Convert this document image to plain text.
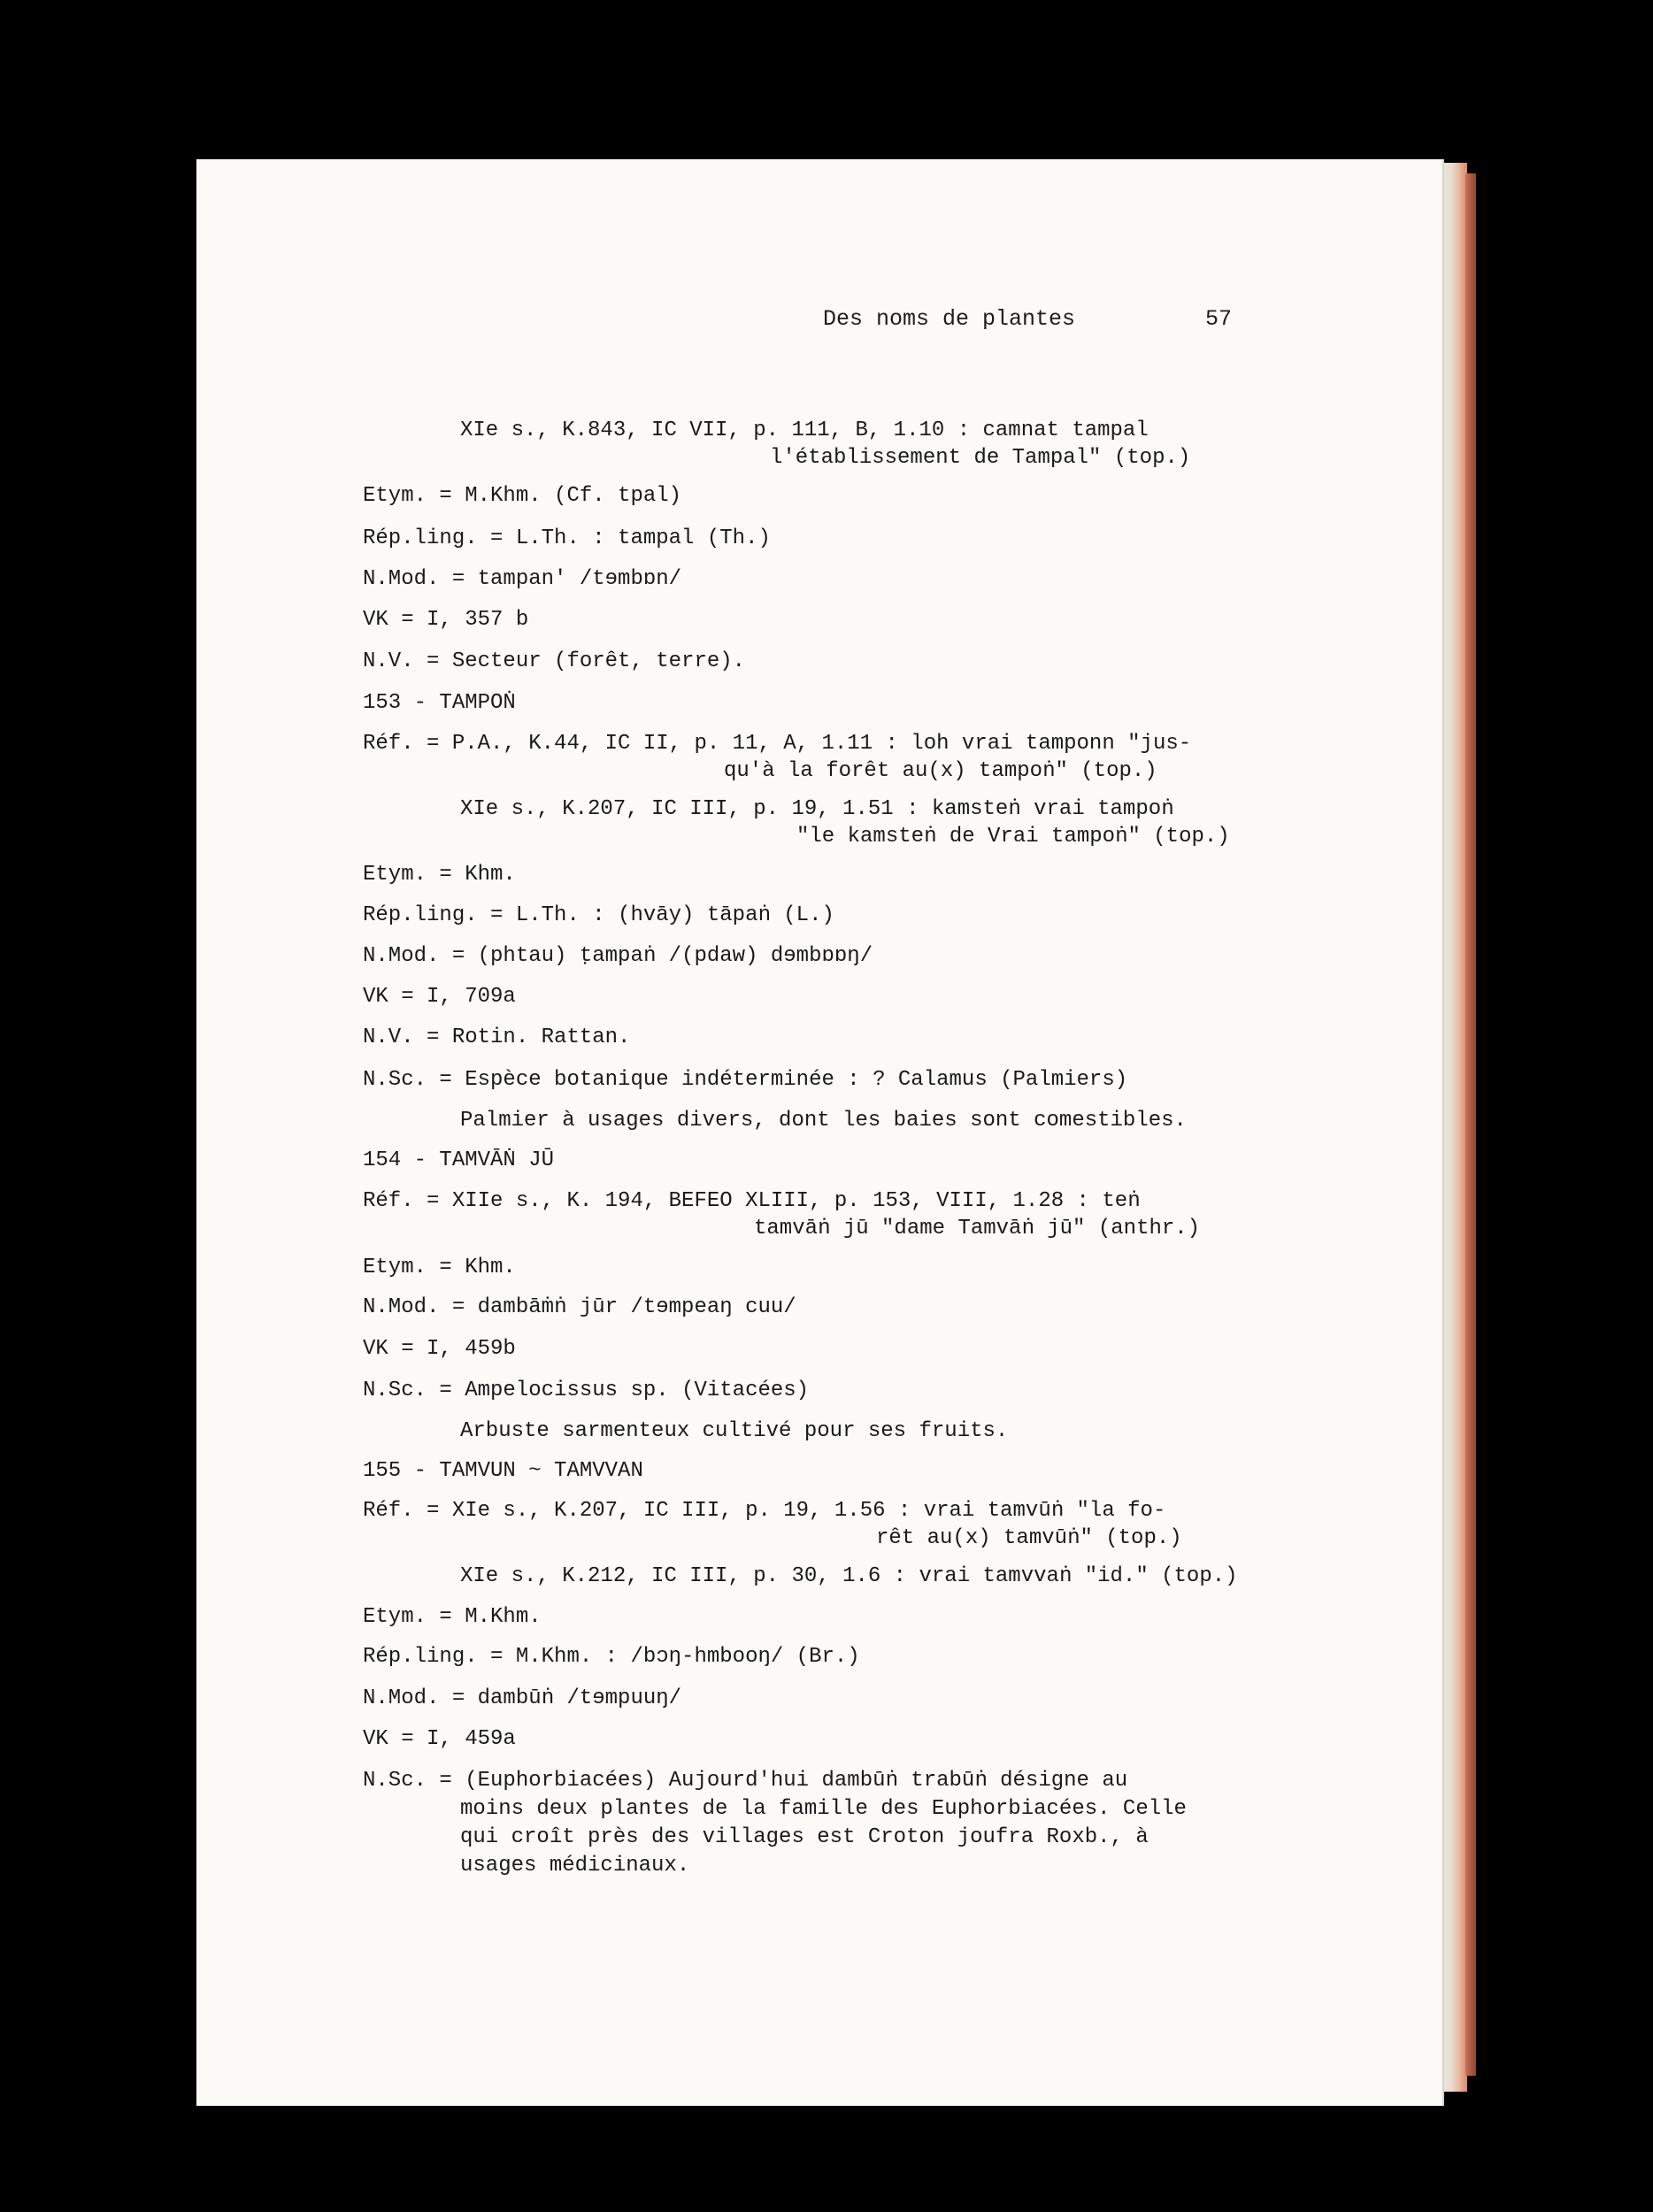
Des noms de plantes	57
XIe s., K.843, IC VII, p. 111, B, 1.10 : camnat tampal
l'établissement de Tampal" (top.)
Etym. = M.Khm. (Cf. tpal)
Rép.ling. = L.Th. : tampal (Th.)
N.Mod. = tampan' /tɘmbɒn/
VK = I, 357 b
N.V. = Secteur (forêt, terre).
153 - TAMPOṄ
Réf. = P.A., K.44, IC II, p. 11, A, 1.11 : loh vrai tamponn "jus-
qu'à la forêt au(x) tampoṅ" (top.)
XIe s., K.207, IC III, p. 19, 1.51 : kamsteṅ vrai tampoṅ
"le kamsteṅ de Vrai tampoṅ" (top.)
Etym. = Khm.
Rép.ling. = L.Th. : (hvāy) tāpaṅ (L.)
N.Mod. = (phtau) ṭampaṅ /(pdaw) dɘmbɒɒŋ/
VK = I, 709a
N.V. = Rotin. Rattan.
N.Sc. = Espèce botanique indéterminée : ? Calamus (Palmiers)
Palmier à usages divers, dont les baies sont comestibles.
154 - TAMVĀṄ JŪ
Réf. = XIIe s., K. 194, BEFEO XLIII, p. 153, VIII, 1.28 : teṅ
tamvāṅ jū "dame Tamvāṅ jū" (anthr.)
Etym. = Khm.
N.Mod. = dambāṁṅ jūr /tɘmpeaŋ cuu/
VK = I, 459b
N.Sc. = Ampelocissus sp. (Vitacées)
Arbuste sarmenteux cultivé pour ses fruits.
155 - TAMVUN ~ TAMVVAN
Réf. = XIe s., K.207, IC III, p. 19, 1.56 : vrai tamvūṅ "la fo-
rêt au(x) tamvūṅ" (top.)
XIe s., K.212, IC III, p. 30, 1.6 : vrai tamvvaṅ "id." (top.)
Etym. = M.Khm.
Rép.ling. = M.Khm. : /bɔŋ-hmbooŋ/ (Br.)
N.Mod. = dambūṅ /tɘmpuuŋ/
VK = I, 459a
N.Sc. = (Euphorbiacées) Aujourd'hui dambūṅ trabūṅ désigne au
moins deux plantes de la famille des Euphorbiacées. Celle
qui croît près des villages est Croton joufra Roxb., à
usages médicinaux.
